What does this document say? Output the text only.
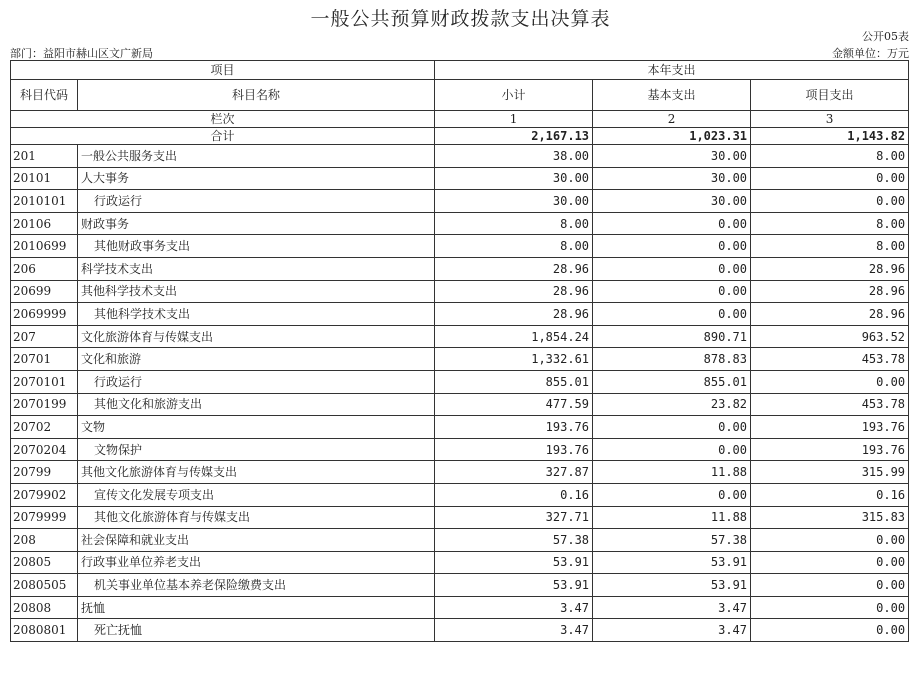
一般公共预算财政拨款支出决算表
公开05表
部门：益阳市赫山区文广新局	金额单位：万元
项目		本年支出		
科目代码	科目名称	小计	基本支出	项目支出
栏次		1	2	3
合计		2,167.13	1,023.31	1,143.82
201	一般公共服务支出	38.00	30.00	8.00
20101	人大事务	30.00	30.00	0.00
2010101	行政运行	30.00	30.00	0.00
20106	财政事务	8.00	0.00	8.00
2010699	其他财政事务支出	8.00	0.00	8.00
206	科学技术支出	28.96	0.00	28.96
20699	其他科学技术支出	28.96	0.00	28.96
2069999	其他科学技术支出	28.96	0.00	28.96
207	文化旅游体育与传媒支出	1,854.24	890.71	963.52
20701	文化和旅游	1,332.61	878.83	453.78
2070101	行政运行	855.01	855.01	0.00
2070199	其他文化和旅游支出	477.59	23.82	453.78
20702	文物	193.76	0.00	193.76
2070204	文物保护	193.76	0.00	193.76
20799	其他文化旅游体育与传媒支出	327.87	11.88	315.99
2079902	宣传文化发展专项支出	0.16	0.00	0.16
2079999	其他文化旅游体育与传媒支出	327.71	11.88	315.83
208	社会保障和就业支出	57.38	57.38	0.00
20805	行政事业单位养老支出	53.91	53.91	0.00
2080505	机关事业单位基本养老保险缴费支出	53.91	53.91	0.00
20808	抚恤	3.47	3.47	0.00
2080801	死亡抚恤	3.47	3.47	0.00
